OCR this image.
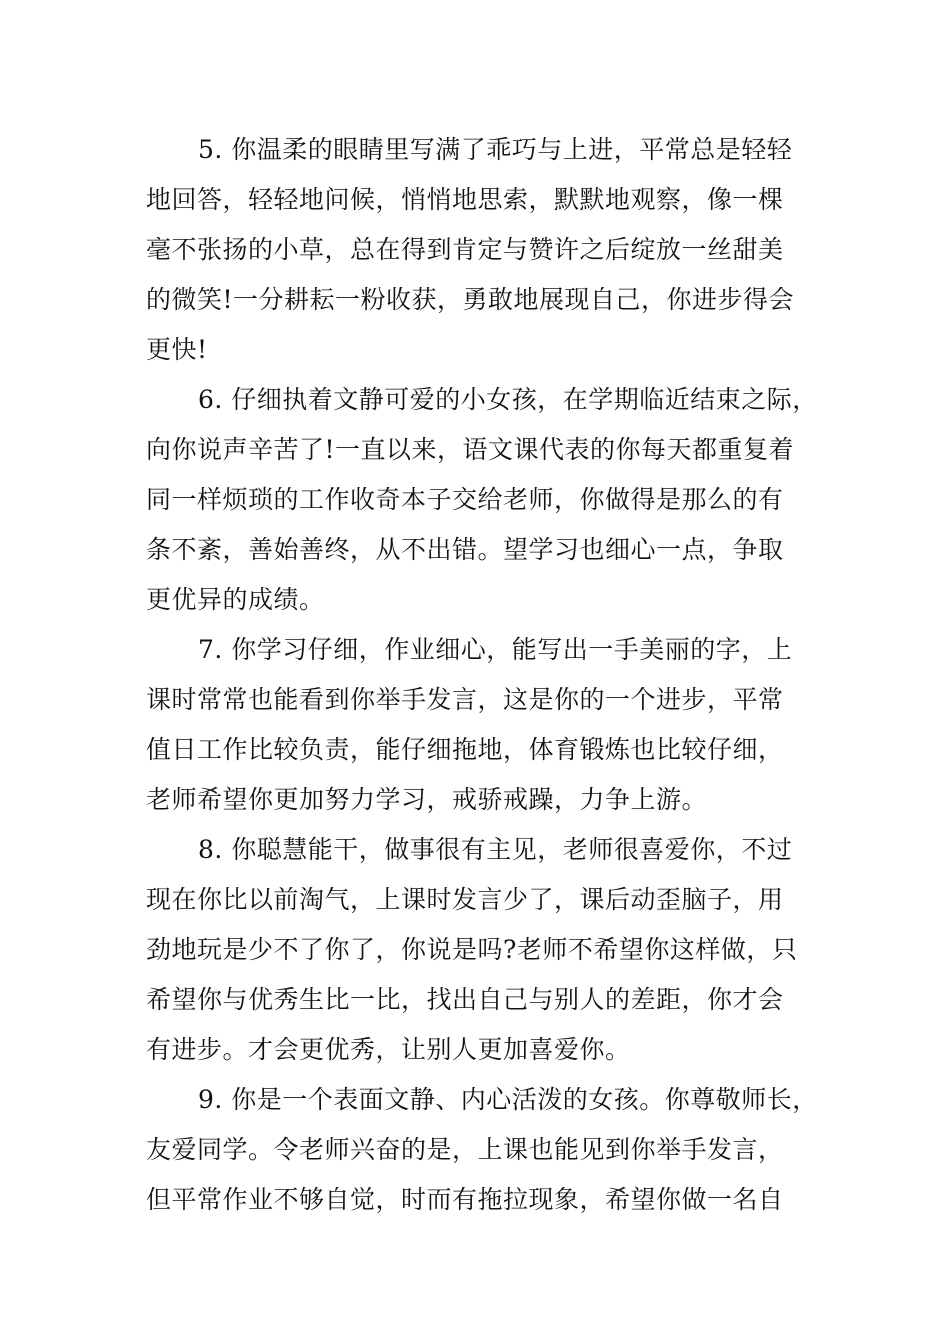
5. 你温柔的眼睛里写满了乖巧与上进，平常总是轻轻
地回答，轻轻地问候，悄悄地思索，默默地观察，像一棵
毫不张扬的小草，总在得到肯定与赞许之后绽放一丝甜美
的微笑!一分耕耘一粉收获，勇敢地展现自己，你进步得会
更快!
6. 仔细执着文静可爱的小女孩，在学期临近结束之际，
向你说声辛苦了!一直以来，语文课代表的你每天都重复着
同一样烦琐的工作收奇本子交给老师，你做得是那么的有
条不紊，善始善终，从不出错。望学习也细心一点，争取
更优异的成绩。
7. 你学习仔细，作业细心，能写出一手美丽的字，上
课时常常也能看到你举手发言，这是你的一个进步，平常
值日工作比较负责，能仔细拖地，体育锻炼也比较仔细，
老师希望你更加努力学习，戒骄戒躁，力争上游。
8. 你聪慧能干，做事很有主见，老师很喜爱你，不过
现在你比以前淘气，上课时发言少了，课后动歪脑子，用
劲地玩是少不了你了，你说是吗?老师不希望你这样做，只
希望你与优秀生比一比，找出自己与别人的差距，你才会
有进步。才会更优秀，让别人更加喜爱你。
9. 你是一个表面文静、内心活泼的女孩。你尊敬师长，
友爱同学。令老师兴奋的是，上课也能见到你举手发言，
但平常作业不够自觉，时而有拖拉现象，希望你做一名自
